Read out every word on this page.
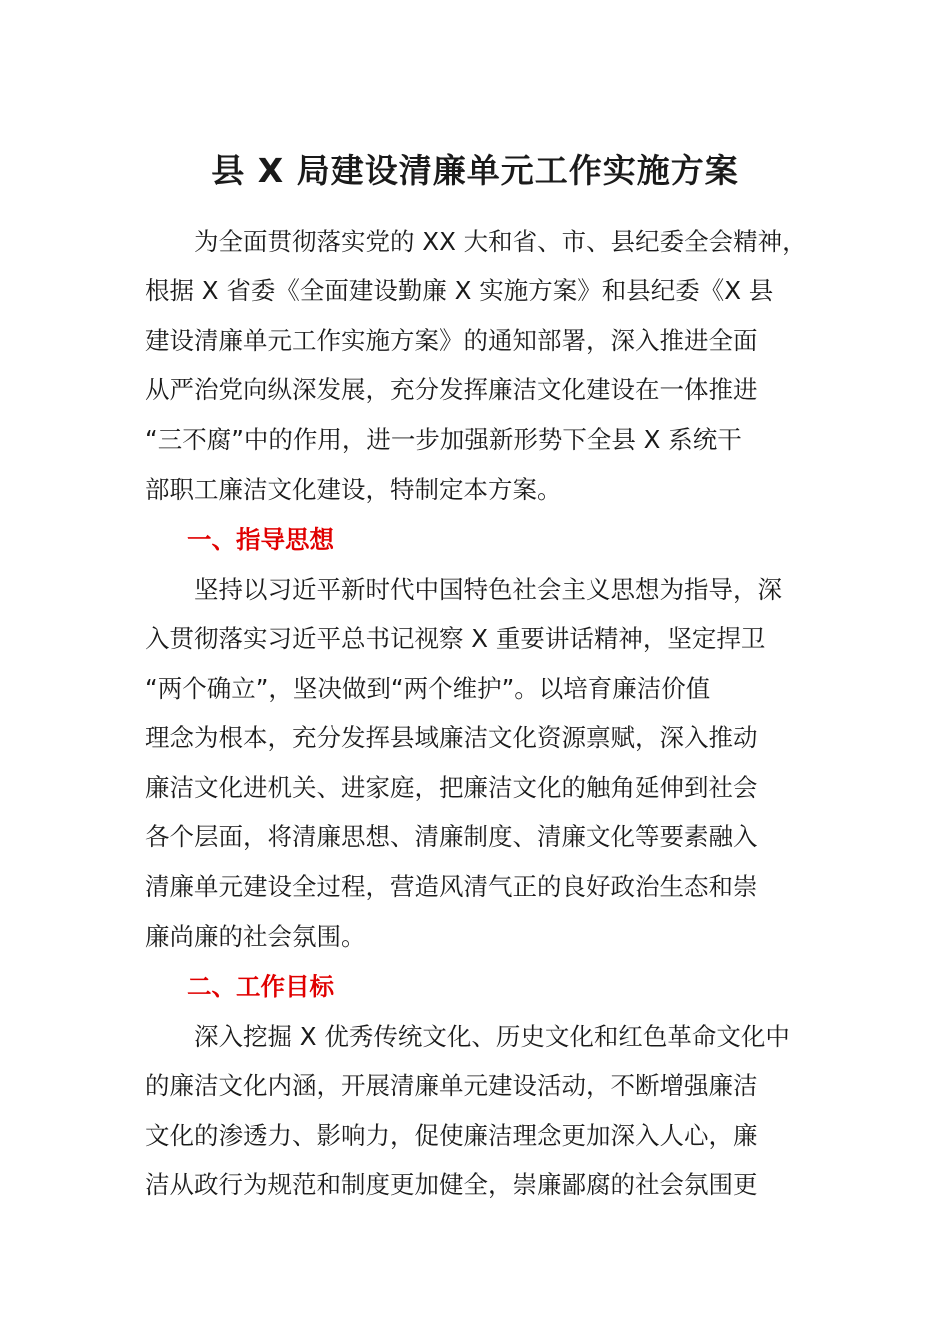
县 X 局建设清廉单元工作实施方案
　　为全面贯彻落实党的 XX 大和省、市、县纪委全会精神，
根据 X 省委《全面建设勤廉 X 实施方案》和县纪委《X 县
建设清廉单元工作实施方案》的通知部署，深入推进全面
从严治党向纵深发展，充分发挥廉洁文化建设在一体推进
“三不腐”中的作用，进一步加强新形势下全县 X 系统干
部职工廉洁文化建设，特制定本方案。
一、指导思想
　　坚持以习近平新时代中国特色社会主义思想为指导，深
入贯彻落实习近平总书记视察 X 重要讲话精神，坚定捍卫
“两个确立”，坚决做到“两个维护”。以培育廉洁价值
理念为根本，充分发挥县域廉洁文化资源禀赋，深入推动
廉洁文化进机关、进家庭，把廉洁文化的触角延伸到社会
各个层面，将清廉思想、清廉制度、清廉文化等要素融入
清廉单元建设全过程，营造风清气正的良好政治生态和崇
廉尚廉的社会氛围。
二、工作目标
　　深入挖掘 X 优秀传统文化、历史文化和红色革命文化中
的廉洁文化内涵，开展清廉单元建设活动，不断增强廉洁
文化的渗透力、影响力，促使廉洁理念更加深入人心，廉
洁从政行为规范和制度更加健全，崇廉鄙腐的社会氛围更
